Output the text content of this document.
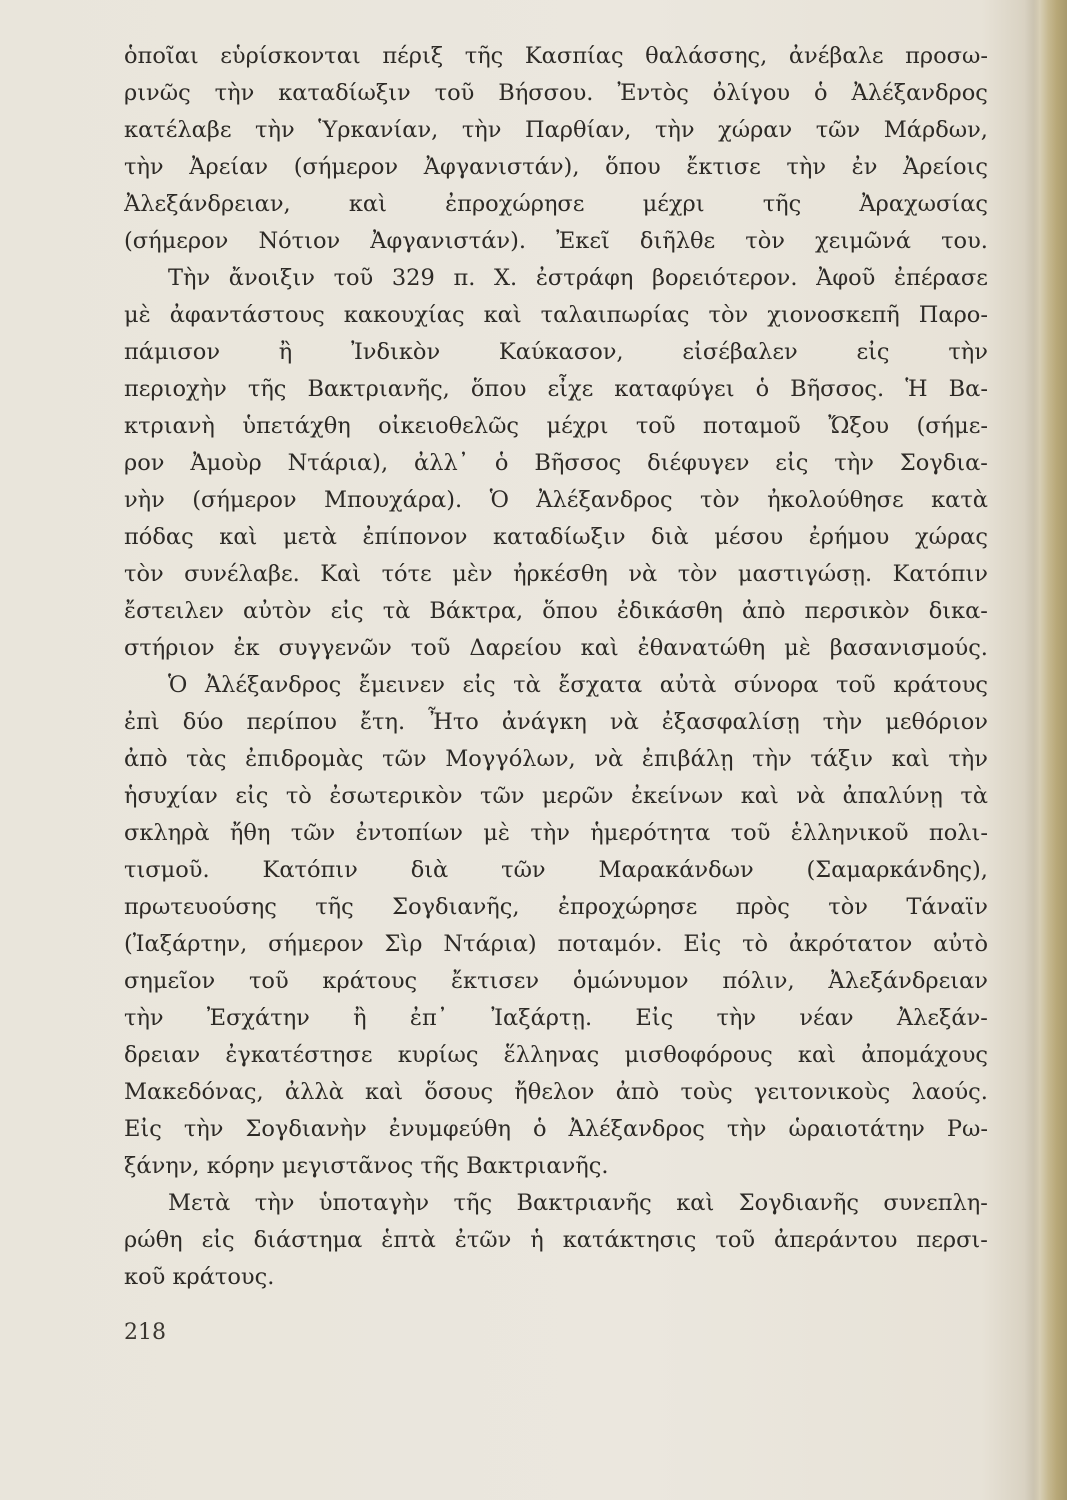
ὁποῖαι εὑρίσκονται πέριξ τῆς Κασπίας θαλάσσης, ἀνέβαλε προσω-
ρινῶς τὴν καταδίωξιν τοῦ Βήσσου. Ἐντὸς ὀλίγου ὁ Ἀλέξανδρος
κατέλαβε τὴν Ὑρκανίαν, τὴν Παρθίαν, τὴν χώραν τῶν Μάρδων,
τὴν Ἀρείαν (σήμερον Ἀφγανιστάν), ὅπου ἔκτισε τὴν ἐν Ἀρείοις
Ἀλεξάνδρειαν,	καὶ	ἐπροχώρησε	μέχρι	τῆς	Ἀραχωσίας
(σήμερον Νότιον Ἀφγανιστάν). Ἐκεῖ διῆλθε τὸν χειμῶνά του.
Τὴν ἄνοιξιν τοῦ 329 π. Χ. ἐστράφη βορειότερον. Ἀφοῦ ἐπέρασε
μὲ ἀφαντάστους κακουχίας καὶ ταλαιπωρίας τὸν χιονοσκεπῆ Παρο-
πάμισον	ἢ	Ἰνδικὸν	Καύκασον,	εἰσέβαλεν	εἰς	τὴν
περιοχὴν τῆς Βακτριανῆς, ὅπου εἶχε καταφύγει ὁ Βῆσσος. Ἡ Βα-
κτριανὴ ὑπετάχθη οἰκειοθελῶς μέχρι τοῦ ποταμοῦ Ὤξου (σήμε-
ρον Ἀμοὺρ Ντάρια), ἀλλ᾽ ὁ Βῆσσος διέφυγεν εἰς τὴν Σογδια-
νὴν (σήμερον Μπουχάρα). Ὁ Ἀλέξανδρος τὸν ἠκολούθησε κατὰ
πόδας καὶ μετὰ ἐπίπονον καταδίωξιν διὰ μέσου ἐρήμου χώρας
τὸν συνέλαβε. Καὶ τότε μὲν ἠρκέσθη νὰ τὸν μαστιγώσῃ. Κατόπιν
ἔστειλεν αὐτὸν εἰς τὰ Βάκτρα, ὅπου ἐδικάσθη ἀπὸ περσικὸν δικα-
στήριον ἐκ συγγενῶν τοῦ Δαρείου καὶ ἐθανατώθη μὲ βασανισμούς.
Ὁ Ἀλέξανδρος ἔμεινεν εἰς τὰ ἔσχατα αὐτὰ σύνορα τοῦ κράτους
ἐπὶ δύο περίπου ἔτη. Ἦτο ἀνάγκη νὰ ἐξασφαλίσῃ τὴν μεθόριον
ἀπὸ τὰς ἐπιδρομὰς τῶν Μογγόλων, νὰ ἐπιβάλῃ τὴν τάξιν καὶ τὴν
ἡσυχίαν εἰς τὸ ἐσωτερικὸν τῶν μερῶν ἐκείνων καὶ νὰ ἀπαλύνῃ τὰ
σκληρὰ ἤθη τῶν ἐντοπίων μὲ τὴν ἡμερότητα τοῦ ἑλληνικοῦ πολι-
τισμοῦ. Κατόπιν διὰ τῶν Μαρακάνδων (Σαμαρκάνδης),
πρωτευούσης τῆς Σογδιανῆς, ἐπροχώρησε πρὸς τὸν Τάναϊν
(Ἰαξάρτην, σήμερον Σὶρ Ντάρια) ποταμόν. Εἰς τὸ ἀκρότατον αὐτὸ
σημεῖον τοῦ κράτους ἔκτισεν ὁμώνυμον πόλιν, Ἀλεξάνδρειαν
τὴν Ἐσχάτην ἢ ἐπ᾽ Ἰαξάρτῃ. Εἰς τὴν νέαν Ἀλεξάν-
δρειαν ἐγκατέστησε κυρίως ἕλληνας μισθοφόρους καὶ ἀπομάχους
Μακεδόνας, ἀλλὰ καὶ ὅσους ἤθελον ἀπὸ τοὺς γειτονικοὺς λαούς.
Εἰς τὴν Σογδιανὴν ἐνυμφεύθη ὁ Ἀλέξανδρος τὴν ὡραιοτάτην Ρω-
ξάνην, κόρην μεγιστᾶνος τῆς Βακτριανῆς.
Μετὰ τὴν ὑποταγὴν τῆς Βακτριανῆς καὶ Σογδιανῆς συνεπλη-
ρώθη εἰς διάστημα ἑπτὰ ἐτῶν ἡ κατάκτησις τοῦ ἀπεράντου περσι-
κοῦ κράτους.
218
